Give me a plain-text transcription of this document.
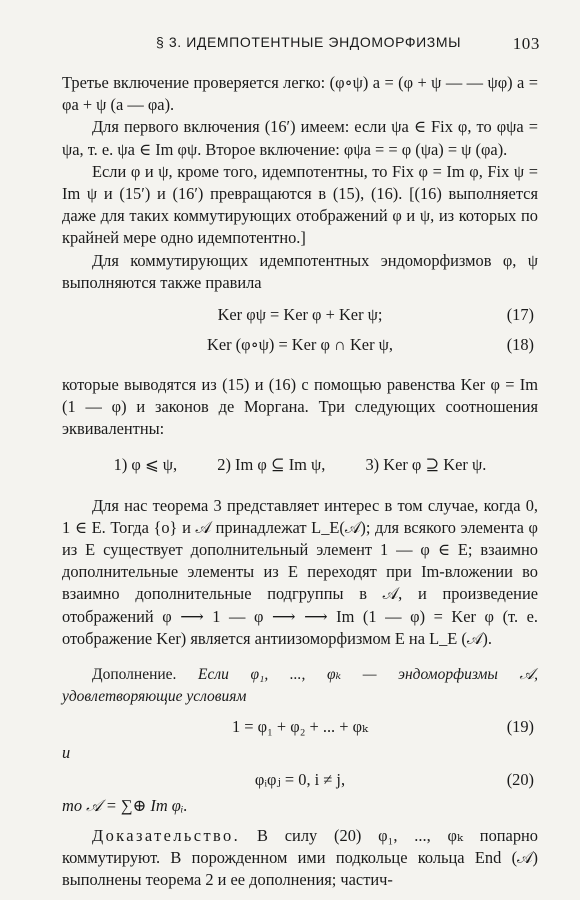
§ 3. ИДЕМПОТЕНТНЫЕ ЭНДОМОРФИЗМЫ	103

Третье включение проверяется легко: (φ∘ψ) a = (φ + ψ — — ψφ) a = φa + ψ (a — φa).

Для первого включения (16′) имеем: если ψa ∈ Fix φ, то φψa = ψa, т. е. ψa ∈ Im φψ. Второе включение: φψa = = φ (ψa) = ψ (φa).

Если φ и ψ, кроме того, идемпотентны, то Fix φ = Im φ, Fix ψ = Im ψ и (15′) и (16′) превращаются в (15), (16). [(16) выполняется даже для таких коммутирующих отображений φ и ψ, из которых по крайней мере одно идемпотентно.]

Для коммутирующих идемпотентных эндоморфизмов φ, ψ выполняются также правила

Ker φψ = Ker φ + Ker ψ;	(17)
Ker (φ∘ψ) = Ker φ ∩ Ker ψ,	(18)

которые выводятся из (15) и (16) с помощью равенства Ker φ = Im (1 — φ) и законов де Моргана. Три следующих соотношения эквивалентны:

1) φ ⩽ ψ, 2) Im φ ⊆ Im ψ, 3) Ker φ ⊇ Ker ψ.

Для нас теорема 3 представляет интерес в том случае, когда 0, 1 ∈ E. Тогда {o} и 𝒜 принадлежат L_E(𝒜); для всякого элемента φ из E существует дополнительный элемент 1 — φ ∈ E; взаимно дополнительные элементы из E переходят при Im-вложении во взаимно дополнительные подгруппы в 𝒜, и произведение отображений φ ⟶ 1 — φ ⟶ ⟶ Im (1 — φ) = Ker φ (т. е. отображение Ker) является антиизоморфизмом E на L_E (𝒜).

Дополнение. Если φ₁, ..., φₖ — эндоморфизмы 𝒜, удовлетворяющие условиям

1 = φ₁ + φ₂ + ... + φₖ	(19)

и

φᵢφⱼ = 0, i ≠ j,	(20)

то 𝒜 = ∑⊕ Im φᵢ.

Доказательство. В силу (20) φ₁, ..., φₖ попарно коммутируют. В порожденном ими подкольце кольца End (𝒜) выполнены теорема 2 и ее дополнения; частич-
